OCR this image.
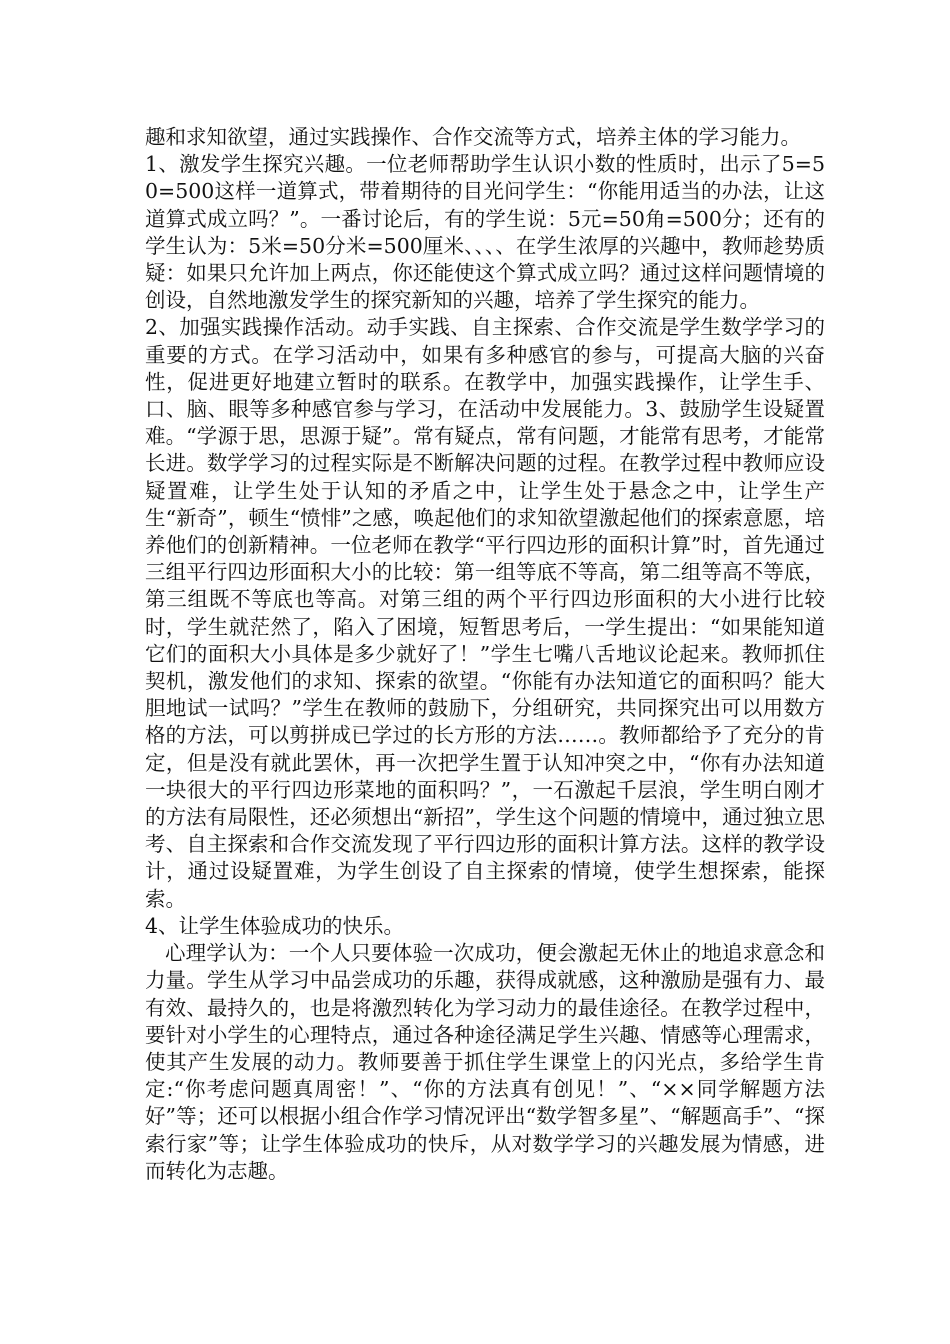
趣和求知欲望，通过实践操作、合作交流等方式，培养主体的学习能力。

1、激发学生探究兴趣。一位老师帮助学生认识小数的性质时，出示了5=50=500这样一道算式，带着期待的目光问学生：“你能用适当的办法，让这道算式成立吗？”。一番讨论后，有的学生说：5元=50角=500分；还有的学生认为：5米=50分米=500厘米、、、、在学生浓厚的兴趣中，教师趁势质疑：如果只允许加上两点，你还能使这个算式成立吗？通过这样问题情境的创设，自然地激发学生的探究新知的兴趣，培养了学生探究的能力。

2、加强实践操作活动。动手实践、自主探索、合作交流是学生数学学习的重要的方式。在学习活动中，如果有多种感官的参与，可提高大脑的兴奋性，促进更好地建立暂时的联系。在教学中，加强实践操作，让学生手、口、脑、眼等多种感官参与学习，在活动中发展能力。3、鼓励学生设疑置难。“学源于思，思源于疑”。常有疑点，常有问题，才能常有思考，才能常长进。数学学习的过程实际是不断解决问题的过程。在教学过程中教师应设疑置难，让学生处于认知的矛盾之中，让学生处于悬念之中，让学生产生“新奇”，顿生“愤悱”之感，唤起他们的求知欲望激起他们的探索意愿，培养他们的创新精神。一位老师在教学“平行四边形的面积计算”时，首先通过三组平行四边形面积大小的比较：第一组等底不等高，第二组等高不等底，第三组既不等底也等高。对第三组的两个平行四边形面积的大小进行比较时，学生就茫然了，陷入了困境，短暂思考后，一学生提出：“如果能知道它们的面积大小具体是多少就好了！”学生七嘴八舌地议论起来。教师抓住契机，激发他们的求知、探索的欲望。“你能有办法知道它的面积吗？能大胆地试一试吗？”学生在教师的鼓励下，分组研究，共同探究出可以用数方格的方法，可以剪拼成已学过的长方形的方法……。教师都给予了充分的肯定，但是没有就此罢休，再一次把学生置于认知冲突之中，“你有办法知道一块很大的平行四边形菜地的面积吗？”，一石激起千层浪，学生明白刚才的方法有局限性，还必须想出“新招”，学生这个问题的情境中，通过独立思考、自主探索和合作交流发现了平行四边形的面积计算方法。这样的教学设计，通过设疑置难，为学生创设了自主探索的情境，使学生想探索，能探索。

4、让学生体验成功的快乐。

心理学认为：一个人只要体验一次成功，便会激起无休止的地追求意念和力量。学生从学习中品尝成功的乐趣，获得成就感，这种激励是强有力、最有效、最持久的，也是将激烈转化为学习动力的最佳途径。在教学过程中，要针对小学生的心理特点，通过各种途径满足学生兴趣、情感等心理需求，使其产生发展的动力。教师要善于抓住学生课堂上的闪光点，多给学生肯定:“你考虑问题真周密！”、“你的方法真有创见！”、“××同学解题方法好”等；还可以根据小组合作学习情况评出“数学智多星”、“解题高手”、“探索行家”等；让学生体验成功的快斥，从对数学学习的兴趣发展为情感，进而转化为志趣。
